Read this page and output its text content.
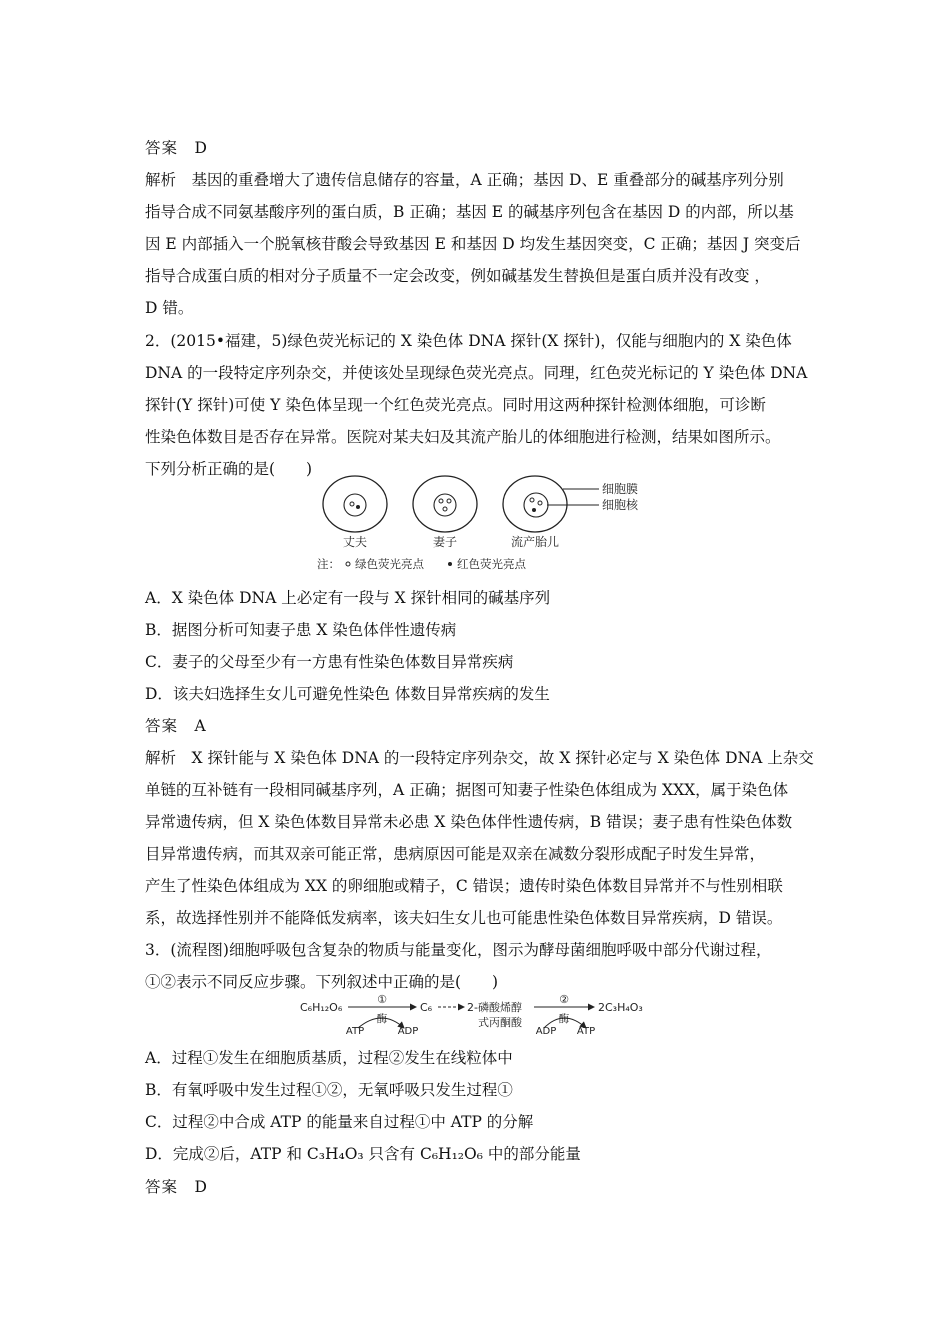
答案　D
解析　基因的重叠增大了遗传信息储存的容量，A 正确；基因 D、E 重叠部分的碱基序列分别
指导合成不同氨基酸序列的蛋白质，B 正确；基因 E 的碱基序列包含在基因 D 的内部，所以基
因 E 内部插入一个脱氧核苷酸会导致基因 E 和基因 D 均发生基因突变，C 正确；基因 J 突变后
指导合成蛋白质的相对分子质量不一定会改变，例如碱基发生替换但是蛋白质并没有改变 ，
D 错。
2．(2015•福建，5)绿色荧光标记的 X 染色体 DNA 探针(X 探针)，仅能与细胞内的 X 染色体
DNA 的一段特定序列杂交，并使该处呈现绿色荧光亮点。同理，红色荧光标记的 Y 染色体 DNA
探针(Y 探针)可使 Y 染色体呈现一个红色荧光亮点。同时用这两种探针检测体细胞，可诊断
性染色体数目是否存在异常。医院对某夫妇及其流产胎儿的体细胞进行检测，结果如图所示。
下列分析正确的是(　　)
细胞膜
细胞核
丈夫	妻子	流产胎儿
注： 绿色荧光亮点	红色荧光亮点
A．X 染色体 DNA 上必定有一段与 X 探针相同的碱基序列
B．据图分析可知妻子患 X 染色体伴性遗传病
C．妻子的父母至少有一方患有性染色体数目异常疾病
D．该夫妇选择生女儿可避免性染色 体数目异常疾病的发生
答案　A
解析　X 探针能与 X 染色体 DNA 的一段特定序列杂交，故 X 探针必定与 X 染色体 DNA 上杂交
单链的互补链有一段相同碱基序列，A 正确；据图可知妻子性染色体组成为 XXX，属于染色体
异常遗传病，但 X 染色体数目异常未必患 X 染色体伴性遗传病，B 错误；妻子患有性染色体数
目异常遗传病，而其双亲可能正常，患病原因可能是双亲在减数分裂形成配子时发生异常，
产生了性染色体组成为 XX 的卵细胞或精子，C 错误；遗传时染色体数目异常并不与性别相联
系，故选择性别并不能降低发病率，该夫妇生女儿也可能患性染色体数目异常疾病，D 错误。
3．(流程图)细胞呼吸包含复杂的物质与能量变化，图示为酵母菌细胞呼吸中部分代谢过程，
①②表示不同反应步骤。下列叙述中正确的是(　　)
C₆H₁₂O₆
①
酶
ATP	ADP
C₆	2-磷酸烯醇
式丙酮酸
②
酶
ADP ATP
2C₃H₄O₃
A．过程①发生在细胞质基质，过程②发生在线粒体中
B．有氧呼吸中发生过程①②，无氧呼吸只发生过程①
C．过程②中合成 ATP 的能量来自过程①中 ATP 的分解
D．完成②后，ATP 和 C₃H₄O₃ 只含有 C₆H₁₂O₆ 中的部分能量
答案　D
